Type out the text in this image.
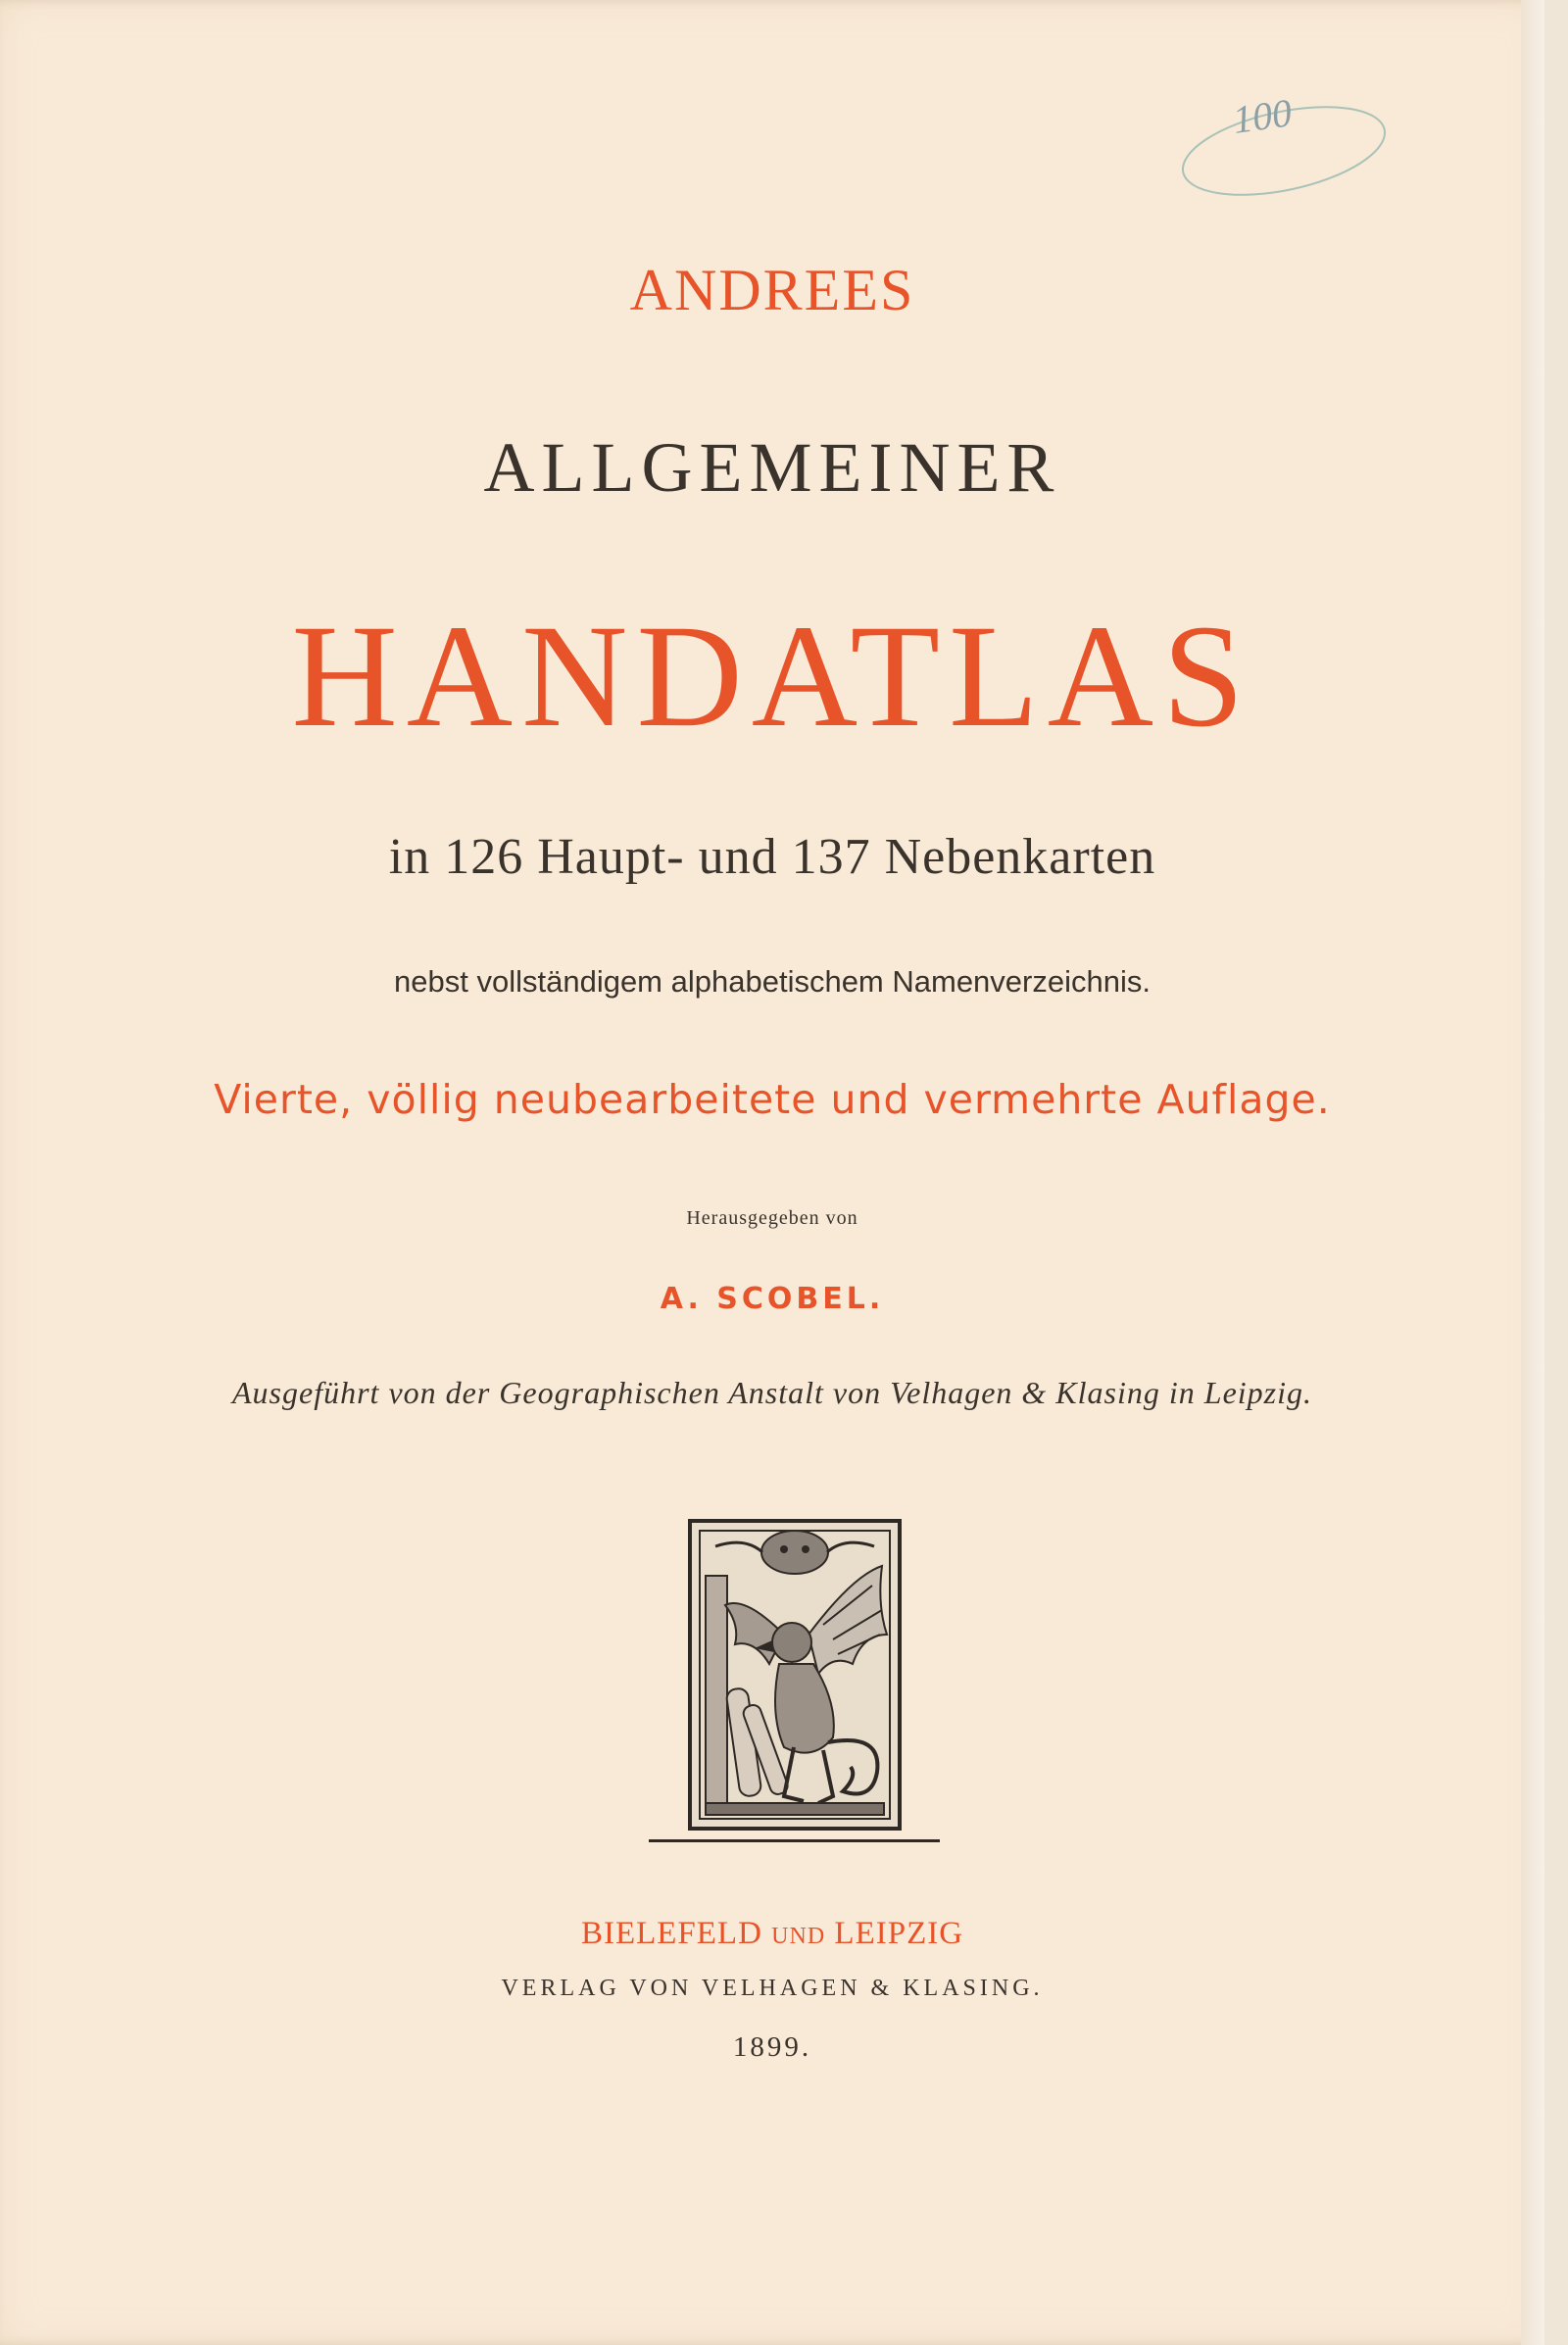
100
ANDREES
ALLGEMEINER
HANDATLAS
in 126 Haupt- und 137 Nebenkarten
nebst vollständigem alphabetischem Namenverzeichnis.
Vierte, völlig neubearbeitete und vermehrte Auflage.
Herausgegeben von
A. SCOBEL.
Ausgeführt von der Geographischen Anstalt von Velhagen & Klasing in Leipzig.
BIELEFELD UND LEIPZIG
VERLAG VON VELHAGEN & KLASING.
1899.
